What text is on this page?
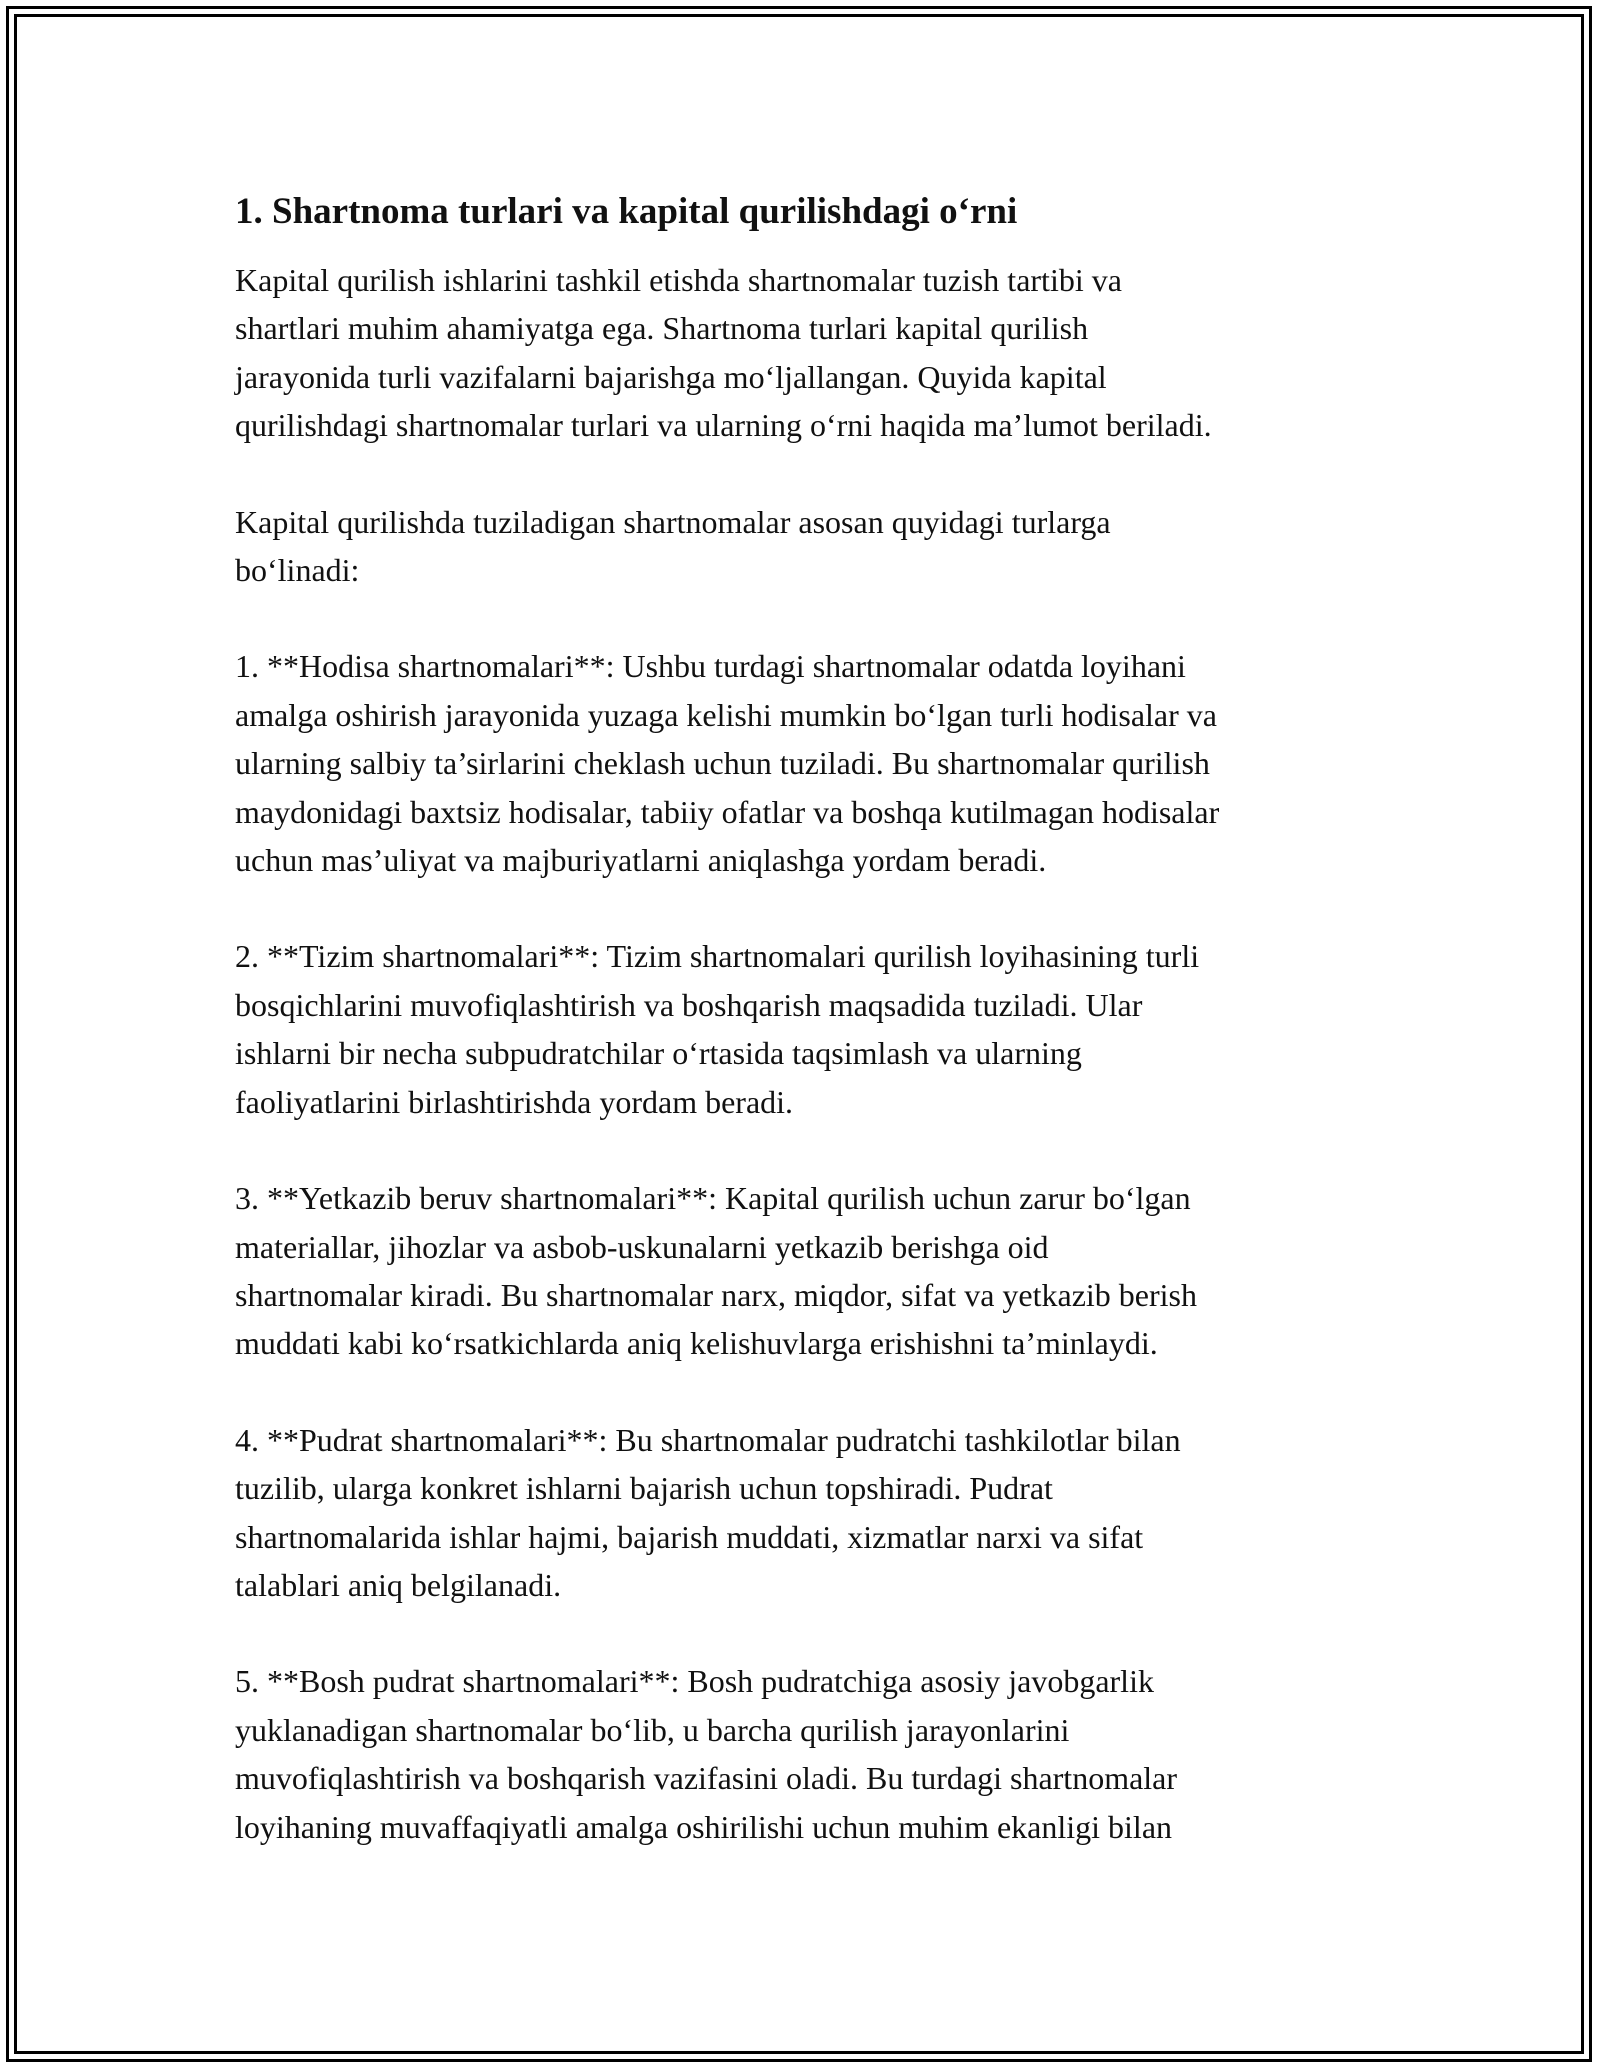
1. Shartnoma turlari va kapital qurilishdagi o‘rni

Kapital qurilish ishlarini tashkil etishda shartnomalar tuzish tartibi va
shartlari muhim ahamiyatga ega. Shartnoma turlari kapital qurilish
jarayonida turli vazifalarni bajarishga mo‘ljallangan. Quyida kapital
qurilishdagi shartnomalar turlari va ularning o‘rni haqida ma’lumot beriladi.

Kapital qurilishda tuziladigan shartnomalar asosan quyidagi turlarga
bo‘linadi:

1. **Hodisa shartnomalari**: Ushbu turdagi shartnomalar odatda loyihani
amalga oshirish jarayonida yuzaga kelishi mumkin bo‘lgan turli hodisalar va
ularning salbiy ta’sirlarini cheklash uchun tuziladi. Bu shartnomalar qurilish
maydonidagi baxtsiz hodisalar, tabiiy ofatlar va boshqa kutilmagan hodisalar
uchun mas’uliyat va majburiyatlarni aniqlashga yordam beradi.

2. **Tizim shartnomalari**: Tizim shartnomalari qurilish loyihasining turli
bosqichlarini muvofiqlashtirish va boshqarish maqsadida tuziladi. Ular
ishlarni bir necha subpudratchilar o‘rtasida taqsimlash va ularning
faoliyatlarini birlashtirishda yordam beradi.

3. **Yetkazib beruv shartnomalari**: Kapital qurilish uchun zarur bo‘lgan
materiallar, jihozlar va asbob-uskunalarni yetkazib berishga oid
shartnomalar kiradi. Bu shartnomalar narx, miqdor, sifat va yetkazib berish
muddati kabi ko‘rsatkichlarda aniq kelishuvlarga erishishni ta’minlaydi.

4. **Pudrat shartnomalari**: Bu shartnomalar pudratchi tashkilotlar bilan
tuzilib, ularga konkret ishlarni bajarish uchun topshiradi. Pudrat
shartnomalarida ishlar hajmi, bajarish muddati, xizmatlar narxi va sifat
talablari aniq belgilanadi.

5. **Bosh pudrat shartnomalari**: Bosh pudratchiga asosiy javobgarlik
yuklanadigan shartnomalar bo‘lib, u barcha qurilish jarayonlarini
muvofiqlashtirish va boshqarish vazifasini oladi. Bu turdagi shartnomalar
loyihaning muvaffaqiyatli amalga oshirilishi uchun muhim ekanligi bilan
